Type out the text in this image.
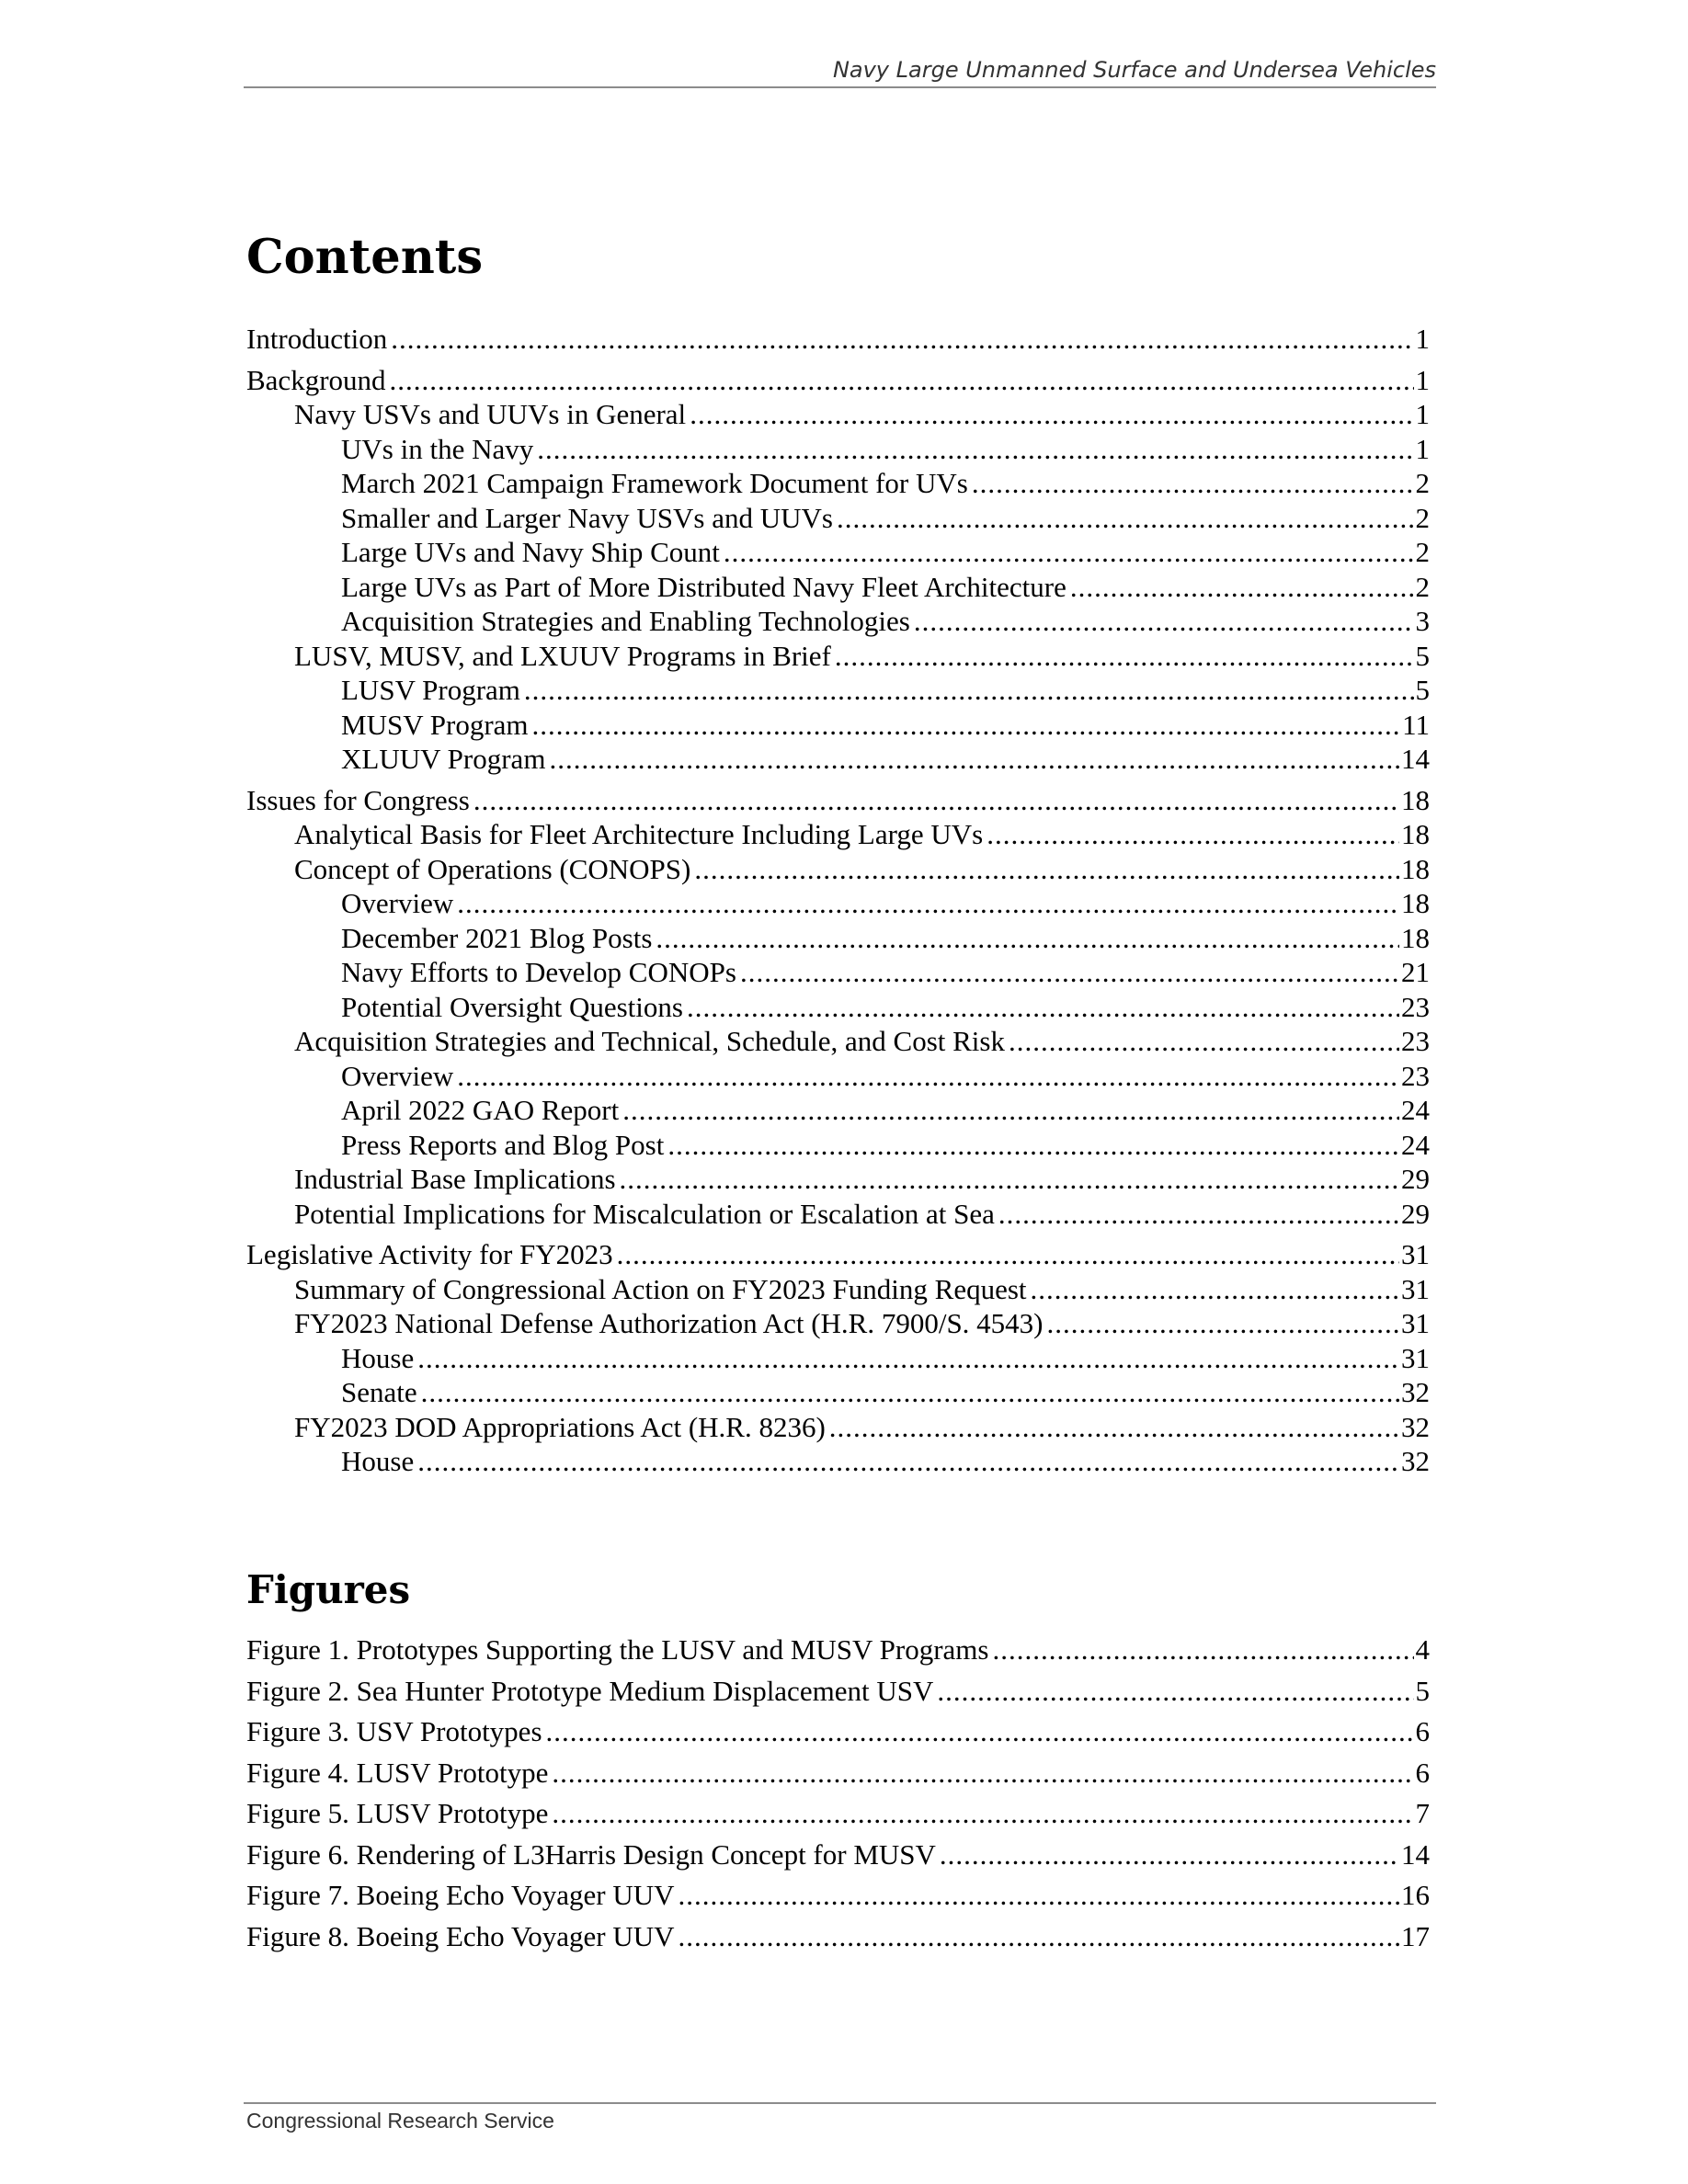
Navy Large Unmanned Surface and Undersea Vehicles
Contents
Introduction .....	1
Background .....	1
Navy USVs and UUVs in General .....	1
UVs in the Navy .....	1
March 2021 Campaign Framework Document for UVs .....	2
Smaller and Larger Navy USVs and UUVs .....	2
Large UVs and Navy Ship Count .....	2
Large UVs as Part of More Distributed Navy Fleet Architecture .....	2
Acquisition Strategies and Enabling Technologies .....	3
LUSV, MUSV, and LXUUV Programs in Brief .....	5
LUSV Program .....	5
MUSV Program .....	11
XLUUV Program .....	14
Issues for Congress .....	18
Analytical Basis for Fleet Architecture Including Large UVs .....	18
Concept of Operations (CONOPS) .....	18
Overview .....	18
December 2021 Blog Posts .....	18
Navy Efforts to Develop CONOPs .....	21
Potential Oversight Questions .....	23
Acquisition Strategies and Technical, Schedule, and Cost Risk .....	23
Overview .....	23
April 2022 GAO Report .....	24
Press Reports and Blog Post .....	24
Industrial Base Implications .....	29
Potential Implications for Miscalculation or Escalation at Sea .....	29
Legislative Activity for FY2023 .....	31
Summary of Congressional Action on FY2023 Funding Request .....	31
FY2023 National Defense Authorization Act (H.R. 7900/S. 4543) .....	31
House .....	31
Senate .....	32
FY2023 DOD Appropriations Act (H.R. 8236) .....	32
House .....	32
Figures
Figure 1. Prototypes Supporting the LUSV and MUSV Programs .....	4
Figure 2. Sea Hunter Prototype Medium Displacement USV .....	5
Figure 3. USV Prototypes .....	6
Figure 4. LUSV Prototype .....	6
Figure 5. LUSV Prototype .....	7
Figure 6. Rendering of L3Harris Design Concept for MUSV .....	14
Figure 7. Boeing Echo Voyager UUV .....	16
Figure 8. Boeing Echo Voyager UUV .....	17
Congressional Research Service
